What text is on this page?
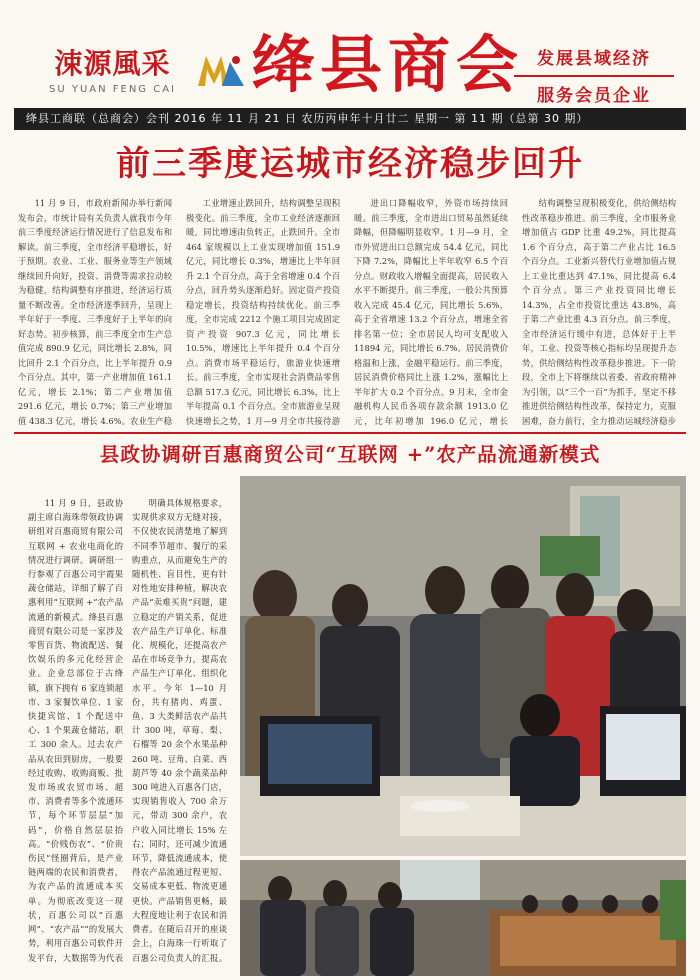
涑源風采
SU YUAN FENG CAI 绛县商会 发展县域经济
服务会员企业
绛县工商联（总商会）会刊 2016 年 11 月 21 日 农历丙申年十月廿二 星期一 第 11 期（总第 30 期）
前三季度运城市经济稳步回升

11 月 9 日，市政府新闻办举行新闻发布会，市统计局有关负责人就我市今年前三季度经济运行情况进行了信息发布和解读。前三季度，全市经济平稳增长，好于预期。农业、工业、服务业等生产领域继续回升向好，投资、消费等需求拉动较为稳健，结构调整有序推进，经济运行质量不断改善。全市经济逐季回升，呈现上半年好于一季度、三季度好于上半年的向好态势。初步核算，前三季度全市生产总值完成 890.9 亿元，同比增长 2.8%，同比回升 2.1 个百分点，比上半年提升 0.9 个百分点。其中，第一产业增加值 161.1 亿元，增长 2.1%；第二产业增加值 291.6 亿元，增长 0.7%；第三产业增加值 438.3 亿元，增长 4.6%。农业生产稳

工业增速止跌回升，结构调整呈现积极变化。前三季度，全市工业经济逐渐回暖，同比增速由负转正，止跌回升。全市 464 家规模以上工业实现增加值 151.9 亿元，同比增长 0.3%，增速比上半年回升 2.1 个百分点，高于全省增速 0.4 个百分点，回升势头逐渐趋好。固定资产投资稳定增长，投资结构持续优化。前三季度，全市完成 2212 个施工项目完成固定资产投资 907.3 亿元，同比增长 10.5%，增速比上半年提升 0.4 个百分点。消费市场平稳运行，旅游业快速增长。前三季度，全市实现社会消费品零售总额 517.3 亿元，同比增长 6.3%，比上半年提高 0.1 个百分点。全市旅游业呈现快速增长之势，1 月—9 月全市共接待游

进出口降幅收窄，外资市场持续回暖。前三季度，全市进出口贸易虽然延续降幅，但降幅明显收窄。1 月—9 月，全市外贸进出口总额完成 54.4 亿元，同比下降 7.2%，降幅比上半年收窄 6.5 个百分点。财政收入增幅全面提高，居民收入水平不断提升。前三季度，一般公共预算收入完成 45.4 亿元，同比增长 5.6%，高于全省增速 13.2 个百分点，增速全省排名第一位；全市居民人均可支配收入 11894 元，同比增长 6.7%。居民消费价格温和上涨，金融平稳运行。前三季度，居民消费价格同比上涨 1.2%，涨幅比上半年扩大 0.2 个百分点。9 月末，全市金融机构人民币各项存款余额 1913.0 亿元，比年初增加 196.0 亿元，增长

结构调整呈现积极变化，供给侧结构性改革稳步推进。前三季度，全市服务业增加值占 GDP 比重 49.2%，同比提高 1.6 个百分点，高于第二产业占比 16.5 个百分点。工业新兴替代行业增加值占规上工业比重达到 47.1%，同比提高 6.4 个百分点。第三产业投资同比增长 14.3%，占全市投资比重达 43.8%，高于第二产业比重 4.3 百分点。前三季度，全市经济运行缓中有进，总体好于上半年，工业、投资等核心指标均呈现提升态势，供给侧结构性改革稳步推进。下一阶段，全市上下将继续以省委、省政府精神为引领，以“三个一百”为抓手，坚定不移推进供给侧结构性改革，保持定力，克服困难，奋力前行，全力推动运城经济稳步

县政协调研百惠商贸公司“互联网 +”农产品流通新模式

11 月 9 日，县政协副主席白海珠带领政协调研组对百惠商贸有限公司互联网 + 农业电商化的情况进行调研。调研组一行参观了百惠公司宇霞果蔬仓储站，详细了解了百惠利用“互联网 +”农产品流通的新模式。绛县百惠商贸有限公司是一家涉及零售百货、物流配送、餐饮娱乐的多元化经营企业。企业总部位于古绛镇，旗下拥有 6 家连锁超市、3 家餐饮单位、1 家快捷宾馆、1 个配送中心、1 个果蔬仓储站，职工 300 余人。过去农产品从农田到厨房，一般要经过收购、收购商贩、批发市场或农贸市场、超市、消费者等多个流通环节，每个环节层层“加码”，价格自然层层抬高。“价贱伤农”、“价贵伤民”怪圈背后，是产业链两端的农民和消费者，为农产品的流通成本买单。为彻底改变这一现状，百惠公司以“百惠网”、“农产品”“的发展大势，利用百惠公司软件开发平台，大数据等为代表

明确具体规格要求，实现供求双方无缝对接，不仅使农民清楚地了解到不同季节超市、餐厅的采购重点，从而避免生产的随机性、盲目性，更有针对性地安排种植，解决农产品“卖难买贵”问题，建立稳定的产销关系，促进农产品生产订单化、标准化、规模化，还提高农产品在市场竞争力，提高农产品生产订单化、组织化水平。今年 1—10 月份，共有猪肉、鸡蛋、鱼、3 大类鲜活农产品共计 300 吨，草莓、梨、石榴等 20 余个水果品种 260 吨、豆角、白菜、西葫芦等 40 余个蔬菜品种 300 吨进入百惠各门店，实现销售收入 700 余万元，带动 300 余户，农户收入同比增长 15% 左右；同时，还可减少流通环节，降低流通成本，使得农产品流通过程更短、交易成本更低、物流更通更快。产品销售更畅，最大程度地让利于农民和消费者。在随后召开的座谈会上，白海珠一行听取了百惠公司负责人的汇报。
